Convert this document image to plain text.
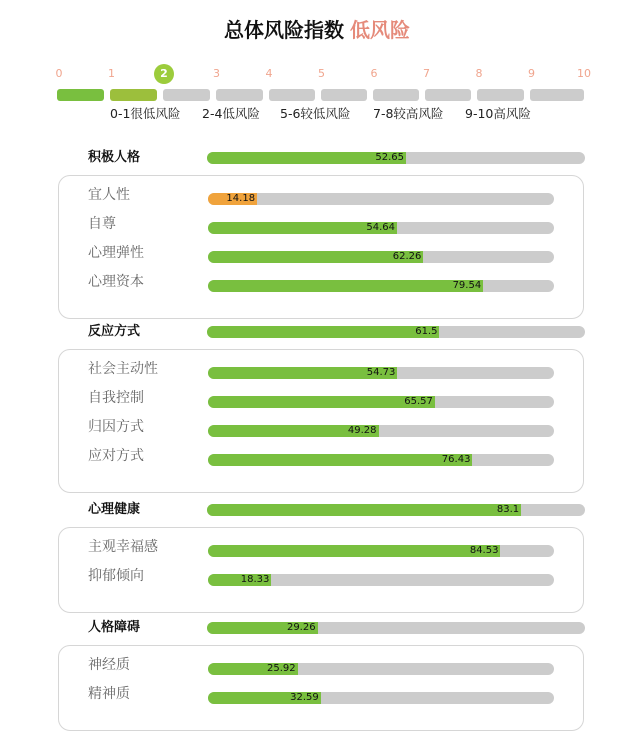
总体风险指数 低风险
0	1	2	3	4	5	6	7	8	9	10
0-1很低风险 2-4低风险 5-6较低风险 7-8较高风险 9-10高风险
积极人格	52.65
宜人性	14.18
自尊	54.64
心理弹性	62.26
心理资本	79.54
反应方式	61.5
社会主动性	54.73
自我控制	65.57
归因方式	49.28
应对方式	76.43
心理健康	83.1
主观幸福感	84.53
抑郁倾向	18.33
人格障碍	29.26
神经质	25.92
精神质	32.59
